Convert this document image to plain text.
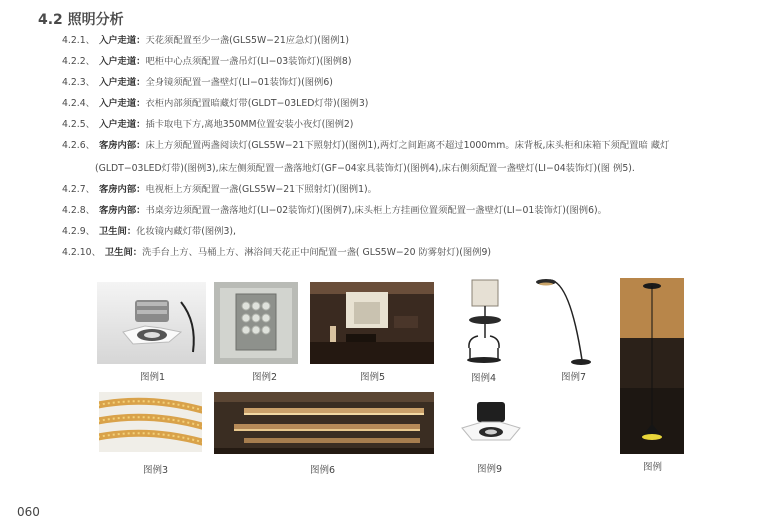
4.2 照明分析
4.2.1、 入户走道：天花须配置至少一盏(GLS5W−21应急灯)(图例1)
4.2.2、 入户走道：吧柜中心点须配置一盏吊灯(LI−03装饰灯)(图例8)
4.2.3、 入户走道：全身镜须配置一盏壁灯(LI−01装饰灯)(图例6)
4.2.4、 入户走道：衣柜内部须配置暗藏灯带(GLDT−03LED灯带)(图例3)
4.2.5、 入户走道：插卡取电下方,离地350MM位置安装小夜灯(图例2)
4.2.6、 客房内部：床上方须配置两盏阅读灯(GLS5W−21下照射灯)(图例1),两灯之间距离不超过1000mm。床背板,床头柜和床箱下须配置暗 藏灯
(GLDT−03LED灯带)(图例3),床左侧须配置一盏落地灯(GF−04家具装饰灯)(图例4),床右侧须配置一盏壁灯(LI−04装饰灯)(图 例5).
4.2.7、 客房内部：电视柜上方须配置一盏(GLS5W−21下照射灯)(图例1)。
4.2.8、 客房内部：书桌旁边须配置一盏落地灯(LI−02装饰灯)(图例7),床头柜上方挂画位置须配置一盏壁灯(LI−01装饰灯)(图例6)。
4.2.9、 卫生间：化妆镜内藏灯带(图例3),
4.2.10、 卫生间：洗手台上方、马桶上方、淋浴间天花正中间配置一盏( GLS5W−20 防雾射灯)(图例9)
图例1	图例2	图例5	图例4	图例7
图例
图例3	图例6	图例9
060
